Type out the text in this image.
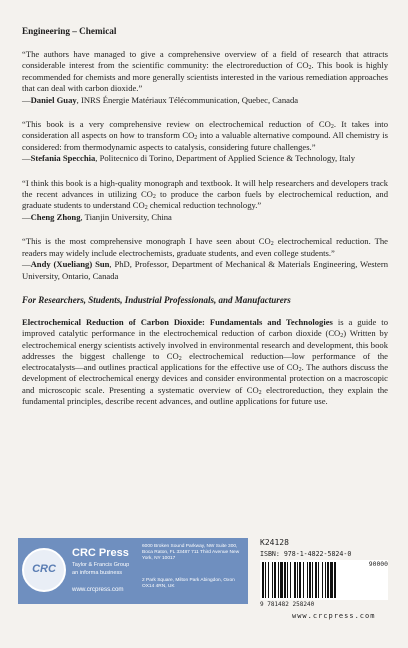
Engineering – Chemical

“The authors have managed to give a comprehensive overview of a field of research that attracts considerable interest from the scientific community: the electroreduction of $CO_2$. This book is highly recommended for chemists and more generally scientists interested in the various remediation approaches that can deal with carbon dioxide.”
—Daniel Guay, INRS Énergie Matériaux Télécommunication, Quebec, Canada

“This book is a very comprehensive review on electrochemical reduction of $CO_2$. It takes into consideration all aspects on how to transform $CO_2$ into a valuable alternative compound. All chemistry is considered: from thermodynamic aspects to catalysis, considering future challenges.”
—Stefania Specchia, Politecnico di Torino, Department of Applied Science & Technology, Italy

“I think this book is a high-quality monograph and textbook. It will help researchers and developers track the recent advances in utilizing $CO_2$ to produce the carbon fuels by electrochemical reduction, and graduate students to understand $CO_2$ chemical reduction technology.”
—Cheng Zhong, Tianjin University, China

“This is the most comprehensive monograph I have seen about $CO_2$ electrochemical reduction. The readers may widely include electrochemists, graduate students, and even college students.”
—Andy (Xueliang) Sun, PhD, Professor, Department of Mechanical & Materials Engineering, Western University, Ontario, Canada

For Researchers, Students, Industrial Professionals, and Manufacturers

Electrochemical Reduction of Carbon Dioxide: Fundamentals and Technologies is a guide to improved catalytic performance in the electrochemical reduction of carbon dioxide $(CO_2)$ Written by electrochemical energy scientists actively involved in environmental research and development, this book addresses the biggest challenge to $CO_2$ electrochemical reduction—low performance of the electrocatalysts—and outlines practical applications for the effective use of $CO_2$. The authors discuss the development of electrochemical energy devices and consider environmental protection on a macroscopic and microscopic scale. Presenting a systematic overview of $CO_2$ electroreduction, they explain the fundamental principles, describe recent advances, and outline applications for future use.

CRC
CRC Press
Taylor & Francis Group
an informa business
www.crcpress.com
6000 Broken Sound Parkway, NW Suite 300, Boca Raton, FL 33487 711 Third Avenue New York, NY 10017
2 Park Square, Milton Park Abingdon, Oxon OX14 4RN, UK
K24128
ISBN: 978-1-4822-5824-0
90000
9 781482 258240
www.crcpress.com
